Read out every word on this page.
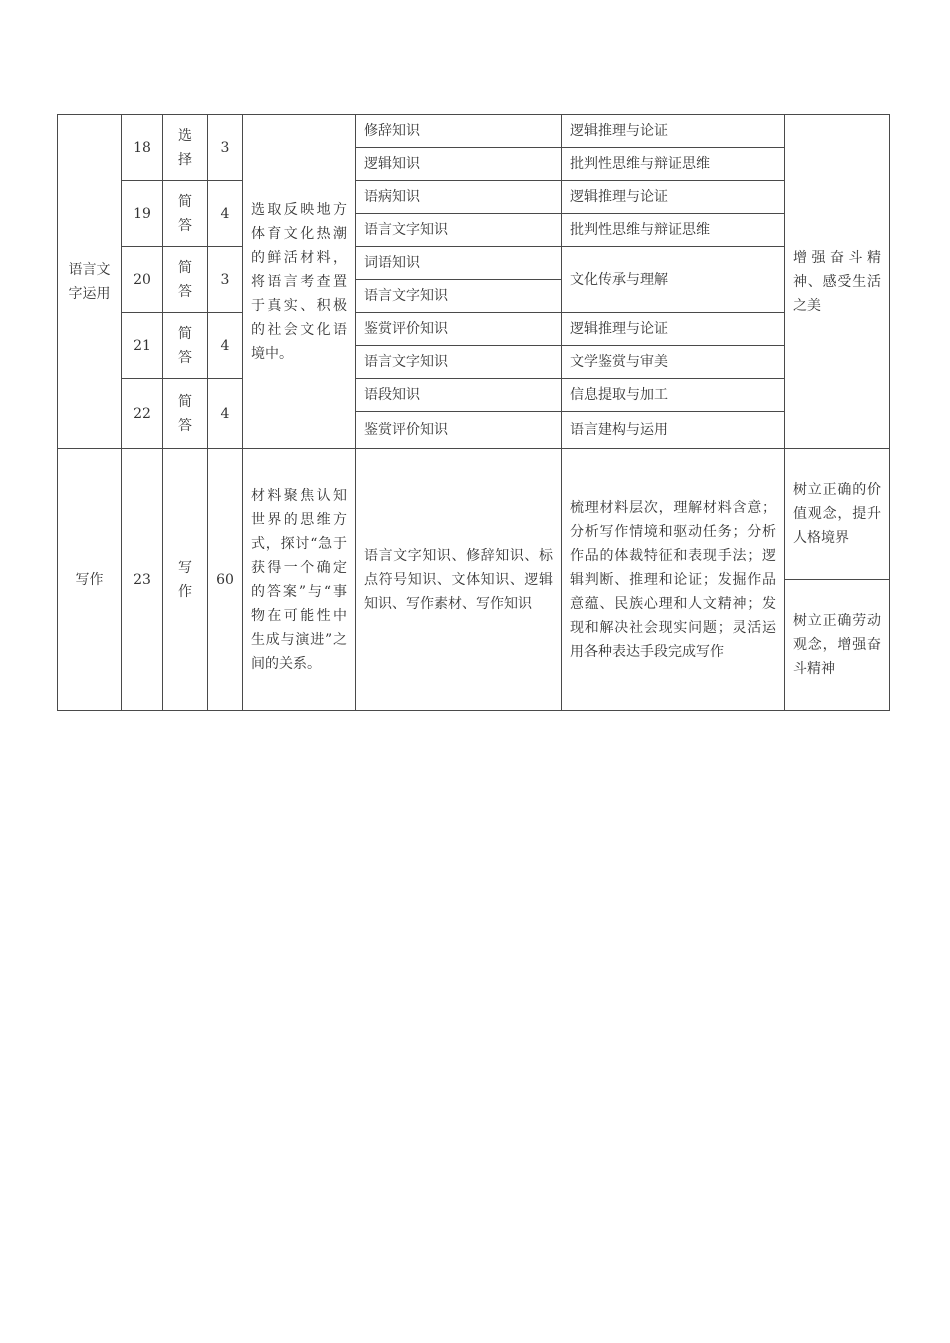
语言文字运用	18	选择	3	选取反映地方体育文化热潮的鲜活材料，将语言考查置于真实、积极的社会文化语境中。	修辞知识	逻辑推理与论证	增强奋斗精神、感受生活之美
					逻辑知识	批判性思维与辩证思维	
	19	简答	4		语病知识	逻辑推理与论证	
					语言文字知识	批判性思维与辩证思维	
	20	简答	3		词语知识	文化传承与理解	
					语言文字知识		
	21	简答	4		鉴赏评价知识	逻辑推理与论证	
					语言文字知识	文学鉴赏与审美	
	22	简答	4		语段知识	信息提取与加工	
					鉴赏评价知识	语言建构与运用	
写作	23	写作	60	材料聚焦认知世界的思维方式，探讨“急于获得一个确定的答案”与“事物在可能性中生成与演进”之间的关系。	语言文字知识、修辞知识、标点符号知识、文体知识、逻辑知识、写作素材、写作知识	梳理材料层次，理解材料含意；分析写作情境和驱动任务；分析作品的体裁特征和表现手法；逻辑判断、推理和论证；发掘作品意蕴、民族心理和人文精神；发现和解决社会现实问题；灵活运用各种表达手段完成写作	树立正确的价值观念，提升人格境界
							树立正确劳动观念，增强奋斗精神
